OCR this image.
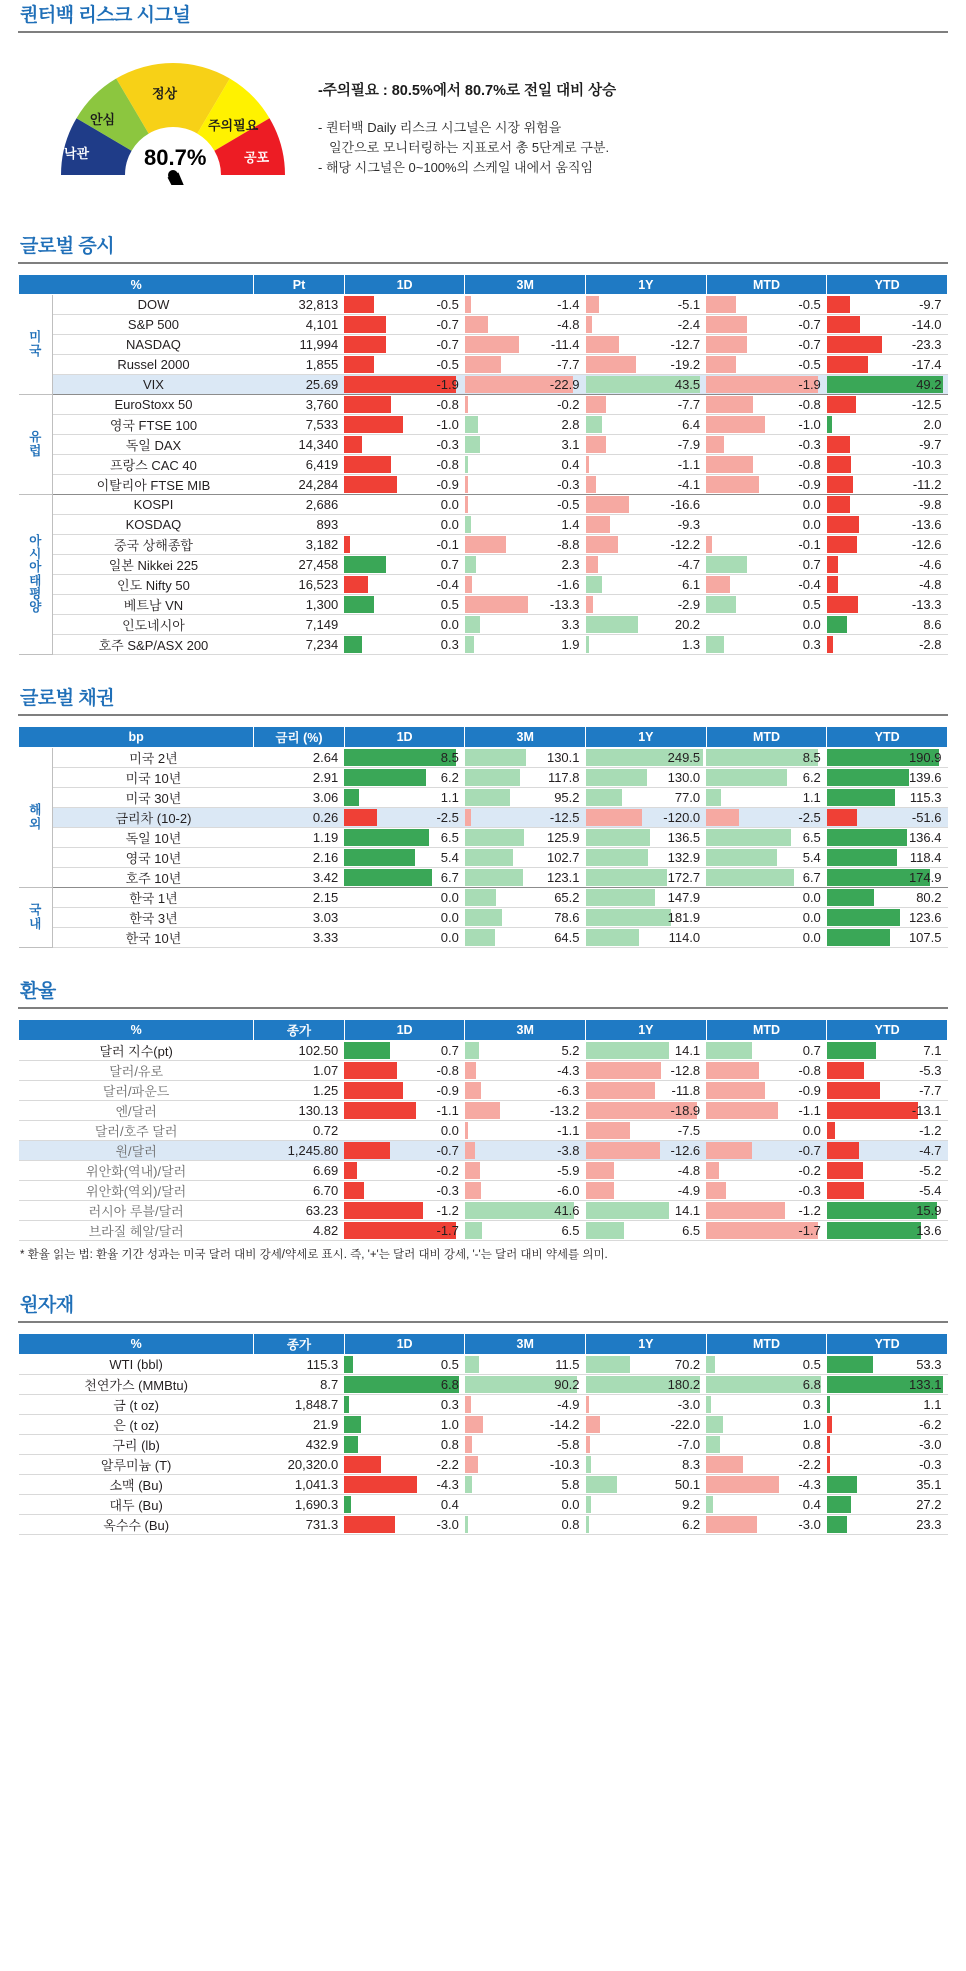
퀀터백 리스크 시그널
낙관
안심
정상
주의필요
공포
80.7%
-주의필요 : 80.5%에서 80.7%로 전일 대비 상승
- 퀀터백 Daily 리스크 시그널은 시장 위험을
일간으로 모니터링하는 지표로서 총 5단계로 구분.
- 해당 시그널은 0~100%의 스케일 내에서 움직임
글로벌 증시
%		Pt	1D	3M	1Y	MTD	YTD
미
국	DOW	32,813	-0.5	-1.4	-5.1	-0.5	-9.7
	S&P 500	4,101	-0.7	-4.8	-2.4	-0.7	-14.0
	NASDAQ	11,994	-0.7	-11.4	-12.7	-0.7	-23.3
	Russel 2000	1,855	-0.5	-7.7	-19.2	-0.5	-17.4
	VIX	25.69	-1.9	-22.9	43.5	-1.9	49.2
유
럽	EuroStoxx 50	3,760	-0.8	-0.2	-7.7	-0.8	-12.5
	영국 FTSE 100	7,533	-1.0	2.8	6.4	-1.0	2.0
	독일 DAX	14,340	-0.3	3.1	-7.9	-0.3	-9.7
	프랑스 CAC 40	6,419	-0.8	0.4	-1.1	-0.8	-10.3
	이탈리아 FTSE MIB	24,284	-0.9	-0.3	-4.1	-0.9	-11.2
아
시
아
태
평
양	KOSPI	2,686	0.0	-0.5	-16.6	0.0	-9.8
	KOSDAQ	893	0.0	1.4	-9.3	0.0	-13.6
	중국 상해종합	3,182	-0.1	-8.8	-12.2	-0.1	-12.6
	일본 Nikkei 225	27,458	0.7	2.3	-4.7	0.7	-4.6
	인도 Nifty 50	16,523	-0.4	-1.6	6.1	-0.4	-4.8
	베트남 VN	1,300	0.5	-13.3	-2.9	0.5	-13.3
	인도네시아	7,149	0.0	3.3	20.2	0.0	8.6
	호주 S&P/ASX 200	7,234	0.3	1.9	1.3	0.3	-2.8
글로벌 채권
bp		금리 (%)	1D	3M	1Y	MTD	YTD
해
외	미국 2년	2.64	8.5	130.1	249.5	8.5	190.9
	미국 10년	2.91	6.2	117.8	130.0	6.2	139.6
	미국 30년	3.06	1.1	95.2	77.0	1.1	115.3
	금리차 (10-2)	0.26	-2.5	-12.5	-120.0	-2.5	-51.6
	독일 10년	1.19	6.5	125.9	136.5	6.5	136.4
	영국 10년	2.16	5.4	102.7	132.9	5.4	118.4
	호주 10년	3.42	6.7	123.1	172.7	6.7	174.9
국
내	한국 1년	2.15	0.0	65.2	147.9	0.0	80.2
	한국 3년	3.03	0.0	78.6	181.9	0.0	123.6
	한국 10년	3.33	0.0	64.5	114.0	0.0	107.5
환율
%	종가	1D	3M	1Y	MTD	YTD
달러 지수(pt)	102.50	0.7	5.2	14.1	0.7	7.1
달러/유로	1.07	-0.8	-4.3	-12.8	-0.8	-5.3
달러/파운드	1.25	-0.9	-6.3	-11.8	-0.9	-7.7
엔/달러	130.13	-1.1	-13.2	-18.9	-1.1	-13.1
달러/호주 달러	0.72	0.0	-1.1	-7.5	0.0	-1.2
원/달러	1,245.80	-0.7	-3.8	-12.6	-0.7	-4.7
위안화(역내)/달러	6.69	-0.2	-5.9	-4.8	-0.2	-5.2
위안화(역외)/달러	6.70	-0.3	-6.0	-4.9	-0.3	-5.4
러시아 루블/달러	63.23	-1.2	41.6	14.1	-1.2	15.9
브라질 헤알/달러	4.82	-1.7	6.5	6.5	-1.7	13.6
* 환율 읽는 법: 환율 기간 성과는 미국 달러 대비 강세/약세로 표시. 즉, '+'는 달러 대비 강세, '-'는 달러 대비 약세를 의미.
원자재
%	종가	1D	3M	1Y	MTD	YTD
WTI (bbl)	115.3	0.5	11.5	70.2	0.5	53.3
천연가스 (MMBtu)	8.7	6.8	90.2	180.2	6.8	133.1
금 (t oz)	1,848.7	0.3	-4.9	-3.0	0.3	1.1
은 (t oz)	21.9	1.0	-14.2	-22.0	1.0	-6.2
구리 (lb)	432.9	0.8	-5.8	-7.0	0.8	-3.0
알루미늄 (T)	20,320.0	-2.2	-10.3	8.3	-2.2	-0.3
소맥 (Bu)	1,041.3	-4.3	5.8	50.1	-4.3	35.1
대두 (Bu)	1,690.3	0.4	0.0	9.2	0.4	27.2
옥수수 (Bu)	731.3	-3.0	0.8	6.2	-3.0	23.3
